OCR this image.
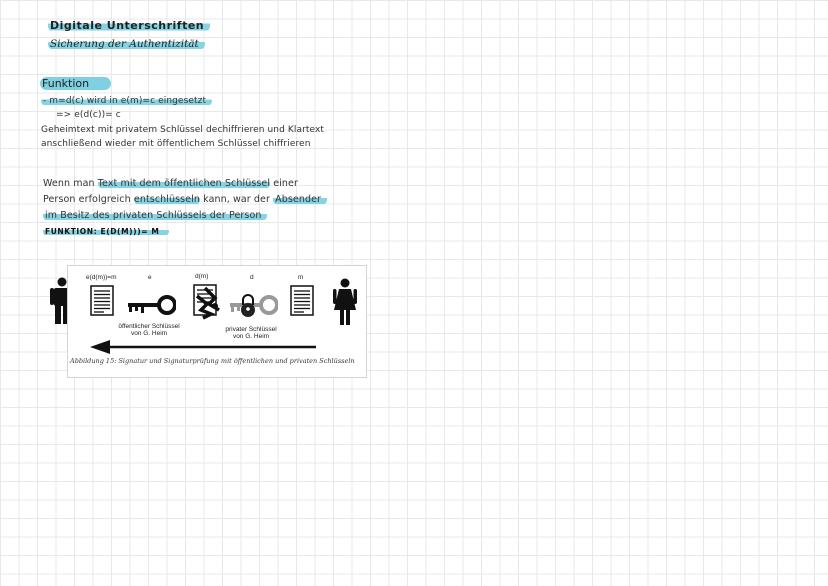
Digitale Unterschriften
Sicherung der Authentizität
Funktion
- m=d(c) wird in e(m)=c eingesetzt
=> e(d(c))= c
Geheimtext mit privatem Schlüssel dechiffrieren und Klartext
anschließend wieder mit öffentlichem Schlüssel chiffrieren
Wenn man Text mit dem öffentlichen Schlüssel einer
Person erfolgreich entschlüsseln kann, war der Absender
im Besitz des privaten Schlüssels der Person
FUNKTION: E(D(M)))= M
e(d(m))=m	e	d(m)	d	m
öffentlicher Schlüssel
von G. Heim
privater Schlüssel
von G. Heim
Abbildung 15: Signatur und Signaturprüfung mit öffentlichen und privaten Schlüsseln
